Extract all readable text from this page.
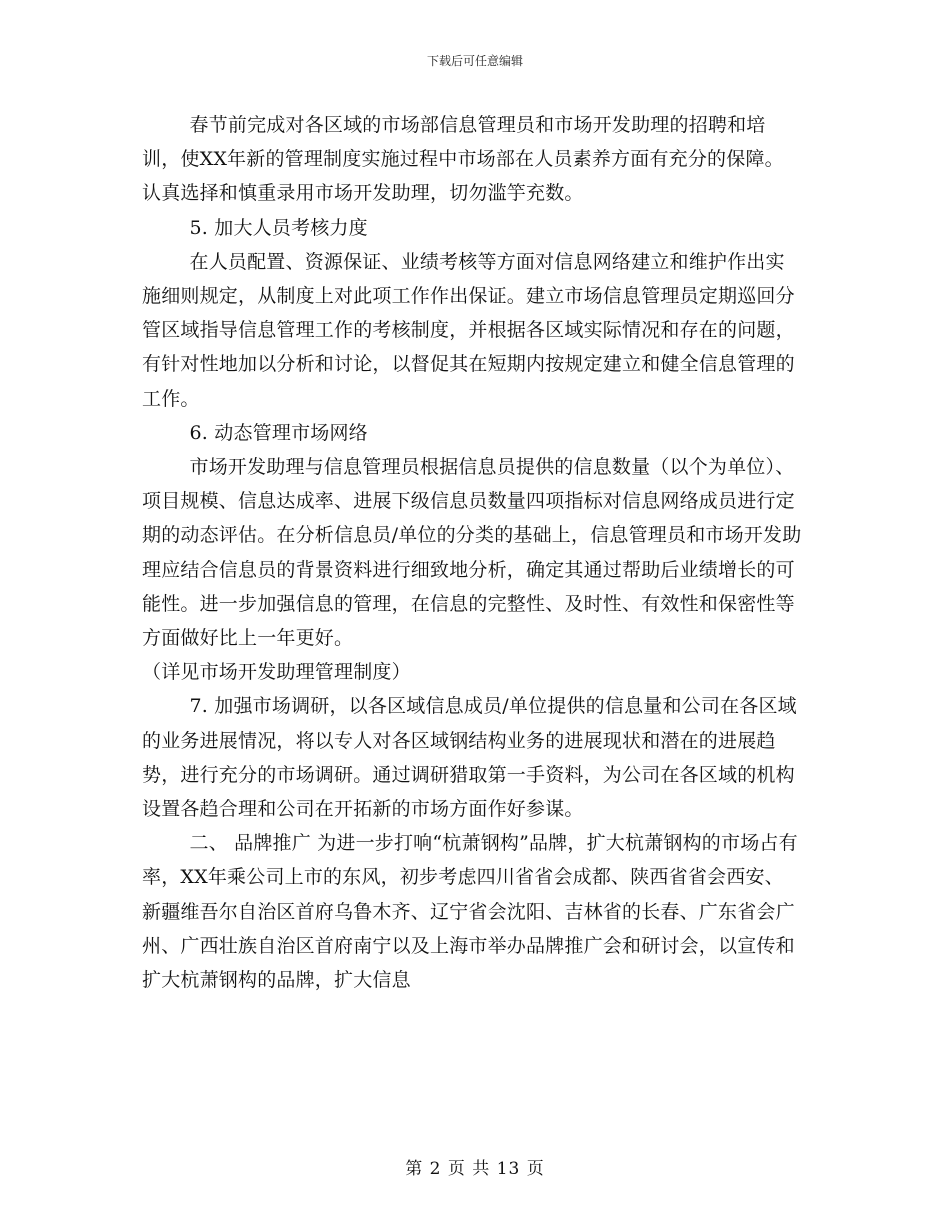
下载后可任意编辑

春节前完成对各区域的市场部信息管理员和市场开发助理的招聘和培训，使XX年新的管理制度实施过程中市场部在人员素养方面有充分的保障。认真选择和慎重录用市场开发助理，切勿滥竽充数。

5. 加大人员考核力度

在人员配置、资源保证、业绩考核等方面对信息网络建立和维护作出实施细则规定，从制度上对此项工作作出保证。建立市场信息管理员定期巡回分管区域指导信息管理工作的考核制度，并根据各区域实际情况和存在的问题，有针对性地加以分析和讨论，以督促其在短期内按规定建立和健全信息管理的工作。

6. 动态管理市场网络

市场开发助理与信息管理员根据信息员提供的信息数量（以个为单位）、项目规模、信息达成率、进展下级信息员数量四项指标对信息网络成员进行定期的动态评估。在分析信息员/单位的分类的基础上，信息管理员和市场开发助理应结合信息员的背景资料进行细致地分析，确定其通过帮助后业绩增长的可能性。进一步加强信息的管理，在信息的完整性、及时性、有效性和保密性等方面做好比上一年更好。

（详见市场开发助理管理制度）

7. 加强市场调研，以各区域信息成员/单位提供的信息量和公司在各区域的业务进展情况，将以专人对各区域钢结构业务的进展现状和潜在的进展趋势，进行充分的市场调研。通过调研猎取第一手资料，为公司在各区域的机构设置各趋合理和公司在开拓新的市场方面作好参谋。

二、 品牌推广 为进一步打响“杭萧钢构”品牌，扩大杭萧钢构的市场占有率，XX年乘公司上市的东风，初步考虑四川省省会成都、陕西省省会西安、新疆维吾尔自治区首府乌鲁木齐、辽宁省会沈阳、吉林省的长春、广东省会广州、广西壮族自治区首府南宁以及上海市举办品牌推广会和研讨会，以宣传和扩大杭萧钢构的品牌，扩大信息

第 2 页 共 13 页
